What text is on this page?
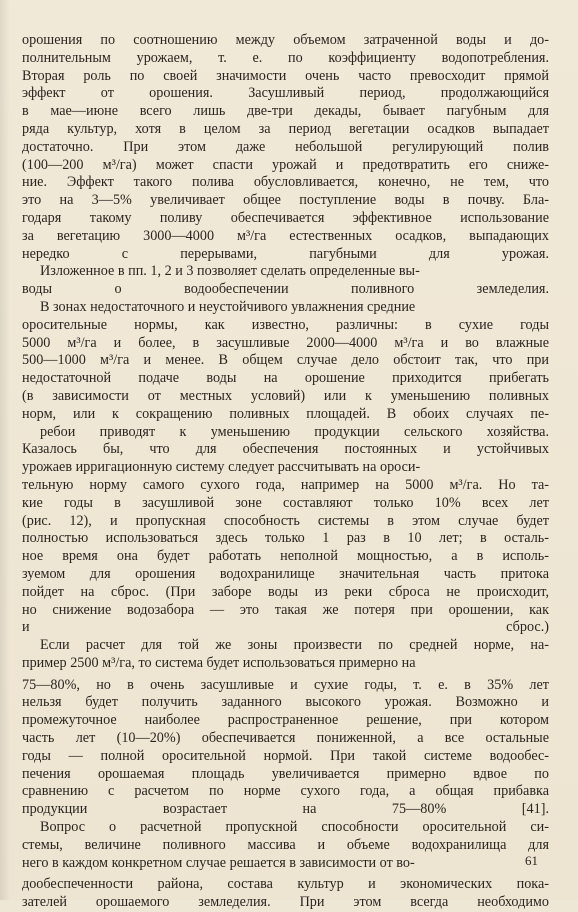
орошения по соотношению между объемом затраченной воды и до-
полнительным урожаем, т. е. по коэффициенту водопотребления.
Вторая роль по своей значимости очень часто превосходит прямой
эффект от орошения. Засушливый период, продолжающийся
в мае—июне всего лишь две-три декады, бывает пагубным для
ряда культур, хотя в целом за период вегетации осадков выпадает
достаточно. При этом даже небольшой регулирующий полив
(100—200 м³/га) может спасти урожай и предотвратить его сниже-
ние. Эффект такого полива обусловливается, конечно, не тем, что
это на 3—5% увеличивает общее поступление воды в почву. Бла-
годаря такому поливу обеспечивается эффективное использование
за вегетацию 3000—4000 м³/га естественных осадков, выпадающих
нередко с перерывами, пагубными для урожая.
Изложенное в пп. 1, 2 и 3 позволяет сделать определенные вы-
воды о водообеспечении поливного земледелия.
В зонах недостаточного и неустойчивого увлажнения средние
оросительные нормы, как известно, различны: в сухие годы
5000 м³/га и более, в засушливые 2000—4000 м³/га и во влажные
500—1000 м³/га и менее. В общем случае дело обстоит так, что при
недостаточной подаче воды на орошение приходится прибегать
(в зависимости от местных условий) или к уменьшению поливных
норм, или к сокращению поливных площадей. В обоих случаях пе-
ребои приводят к уменьшению продукции сельского хозяйства.
Казалось бы, что для обеспечения постоянных и устойчивых
урожаев ирригационную систему следует рассчитывать на ороси-
тельную норму самого сухого года, например на 5000 м³/га. Но та-
кие годы в засушливой зоне составляют только 10% всех лет
(рис. 12), и пропускная способность системы в этом случае будет
полностью использоваться здесь только 1 раз в 10 лет; в осталь-
ное время она будет работать неполной мощностью, а в исполь-
зуемом для орошения водохранилище значительная часть притока
пойдет на сброс. (При заборе воды из реки сброса не происходит,
но снижение водозабора — это такая же потеря при орошении, как
и сброс.)
Если расчет для той же зоны произвести по средней норме, на-
пример 2500 м³/га, то система будет использоваться примерно на
75—80%, но в очень засушливые и сухие годы, т. е. в 35% лет
нельзя будет получить заданного высокого урожая. Возможно и
промежуточное наиболее распространенное решение, при котором
часть лет (10—20%) обеспечивается пониженной, а все остальные
годы — полной оросительной нормой. При такой системе водообес-
печения орошаемая площадь увеличивается примерно вдвое по
сравнению с расчетом по норме сухого года, а общая прибавка
продукции возрастает на 75—80% [41].
Вопрос о расчетной пропускной способности оросительной си-
стемы, величине поливного массива и объеме водохранилища для
него в каждом конкретном случае решается в зависимости от во-
дообеспеченности района, состава культур и экономических пока-
зателей орошаемого земледелия. При этом всегда необходимо
61
